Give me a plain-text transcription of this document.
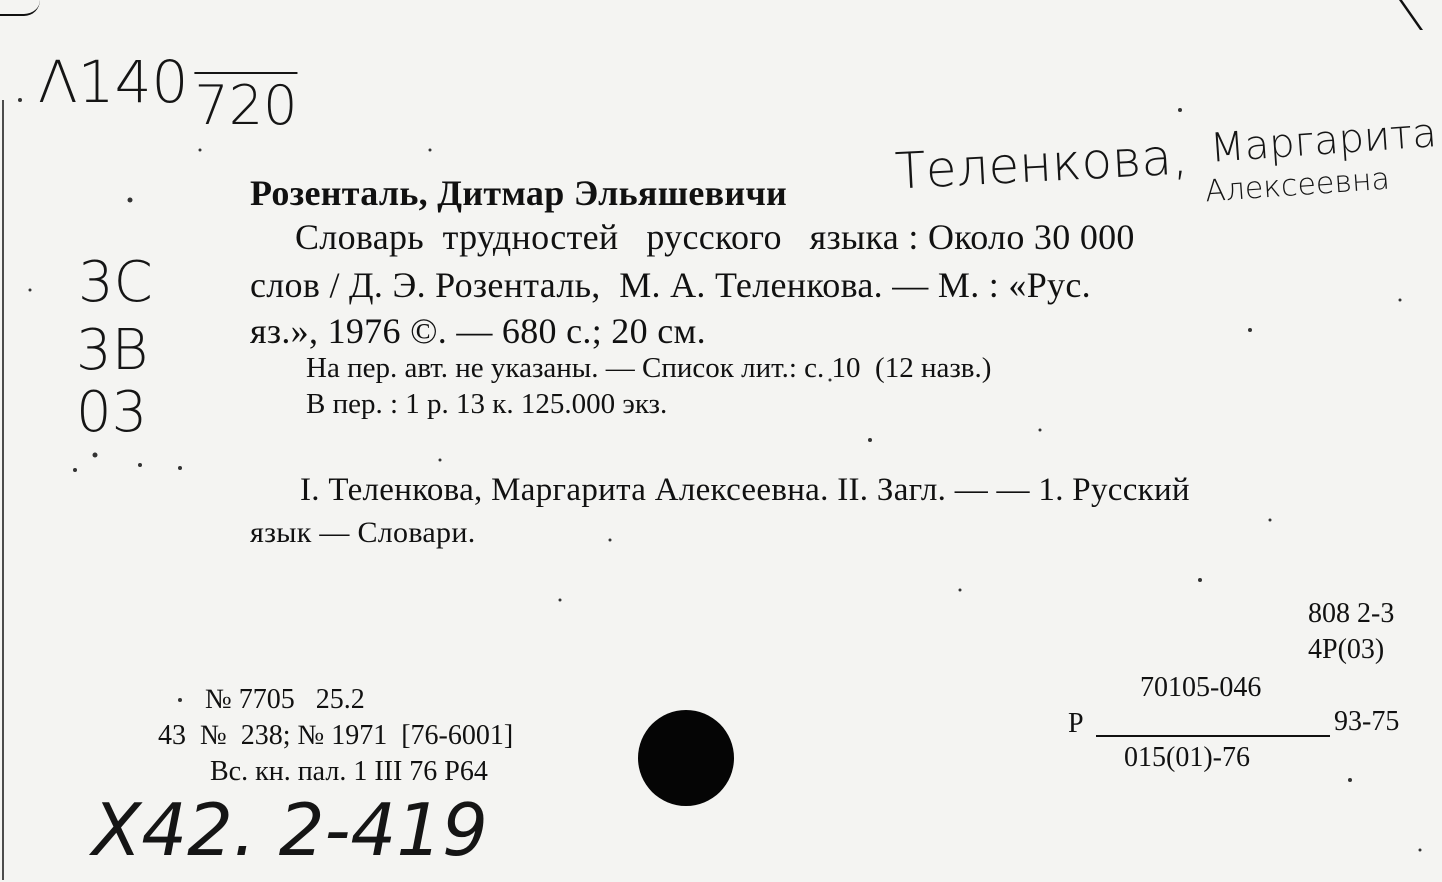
Λ140 720
Теленкова, Маргарита
Алексеевна
3C
3B
03
Х42. 2-419
Розенталь, Дитмар Эльяшевичи
Словарь  трудностей   русского   языка : Около 30 000
слов / Д. Э. Розенталь,  М. А. Теленкова. — М. : «Рус.
яз.», 1976 ©. — 680 с.; 20 см.
На пер. авт. не указаны. — Список лит.: с. 10  (12 назв.)
В пер. : 1 р. 13 к. 125.000 экз.
I. Теленкова, Маргарита Алексеевна. II. Загл. — — 1. Русский
язык — Словари.
808 2-3
4Р(03)
70105-046
Р	93-75
015(01)-76
№ 7705   25.2
43  №  238; № 1971  [76-6001]
Вс. кн. пал. 1 III 76 Р64
